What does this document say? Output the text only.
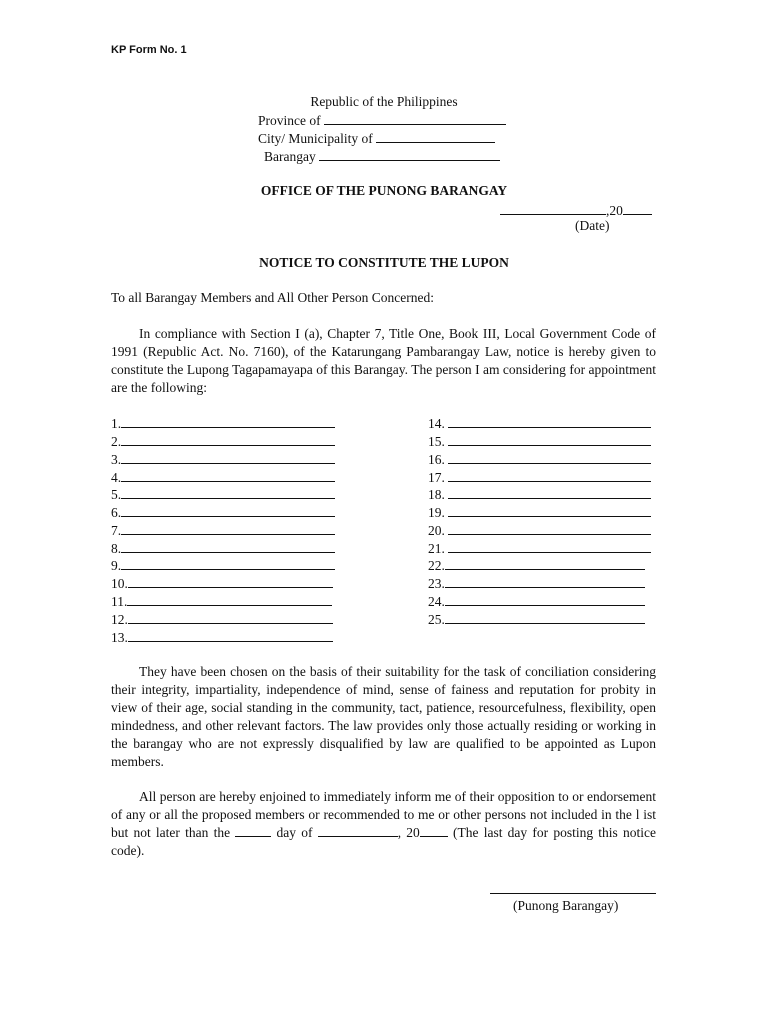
KP Form No. 1
Republic of the Philippines
Province of
City/ Municipality of
Barangay
OFFICE OF THE PUNONG BARANGAY
,20
(Date)
NOTICE TO CONSTITUTE THE LUPON
To all Barangay Members and All Other Person Concerned:
In compliance with Section I (a), Chapter 7, Title One, Book III, Local Government Code of 1991 (Republic Act. No. 7160), of the Katarungang Pambarangay Law, notice is hereby given to constitute the Lupong Tagapamayapa of this Barangay. The person I am considering for appointment are the following:
1.
2.
3.
4.
5.
6.
7.
8.
9.
10.
11.
12.
13.
14.
15.
16.
17.
18.
19.
20.
21.
22.
23.
24.
25.
They have been chosen on the basis of their suitability for the task of conciliation considering their integrity, impartiality, independence of mind, sense of fainess and reputation for probity in view of their age, social standing in the community, tact, patience, resourcefulness, flexibility, open mindedness, and other relevant factors. The law provides only those actually residing or working in the barangay who are not expressly disqualified by law are qualified to be appointed as Lupon members.
All person are hereby enjoined to immediately inform me of their opposition to or endorsement of any or all the proposed members or recommended to me or other persons not included in the l ist but not later than the	day of	, 20 (The last day for posting this notice code).
(Punong Barangay)
